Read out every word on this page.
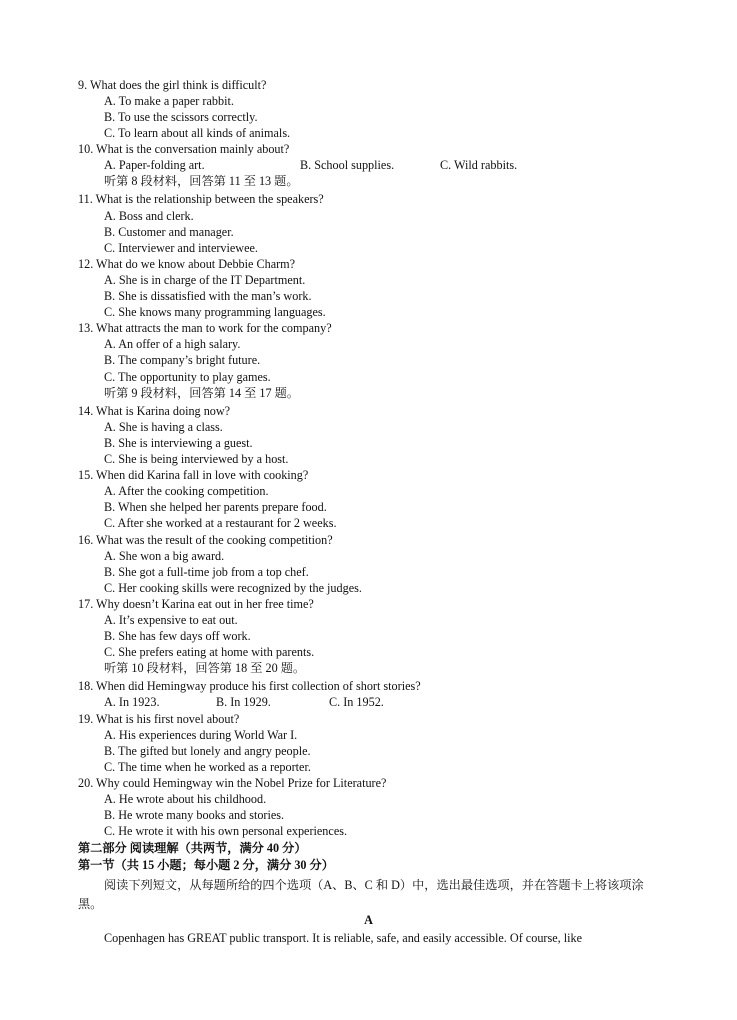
9. What does the girl think is difficult?
A. To make a paper rabbit.
B. To use the scissors correctly.
C. To learn about all kinds of animals.
10. What is the conversation mainly about?
A. Paper-folding art.	B. School supplies.	C. Wild rabbits.
听第 8 段材料，回答第 11 至 13 题。
11. What is the relationship between the speakers?
A. Boss and clerk.
B. Customer and manager.
C. Interviewer and interviewee.
12. What do we know about Debbie Charm?
A. She is in charge of the IT Department.
B. She is dissatisfied with the man’s work.
C. She knows many programming languages.
13. What attracts the man to work for the company?
A. An offer of a high salary.
B. The company’s bright future.
C. The opportunity to play games.
听第 9 段材料，回答第 14 至 17 题。
14. What is Karina doing now?
A. She is having a class.
B. She is interviewing a guest.
C. She is being interviewed by a host.
15. When did Karina fall in love with cooking?
A. After the cooking competition.
B. When she helped her parents prepare food.
C. After she worked at a restaurant for 2 weeks.
16. What was the result of the cooking competition?
A. She won a big award.
B. She got a full-time job from a top chef.
C. Her cooking skills were recognized by the judges.
17. Why doesn’t Karina eat out in her free time?
A. It’s expensive to eat out.
B. She has few days off work.
C. She prefers eating at home with parents.
听第 10 段材料，回答第 18 至 20 题。
18. When did Hemingway produce his first collection of short stories?
A. In 1923.	B. In 1929.	C. In 1952.
19. What is his first novel about?
A. His experiences during World War I.
B. The gifted but lonely and angry people.
C. The time when he worked as a reporter.
20. Why could Hemingway win the Nobel Prize for Literature?
A. He wrote about his childhood.
B. He wrote many books and stories.
C. He wrote it with his own personal experiences.
第二部分 阅读理解（共两节，满分 40 分）
第一节（共 15 小题；每小题 2 分，满分 30 分）
阅读下列短文，从每题所给的四个选项（A、B、C 和 D）中，选出最佳选项，并在答题卡上将该项涂黑。
A
Copenhagen has GREAT public transport. It is reliable, safe, and easily accessible. Of course, like
